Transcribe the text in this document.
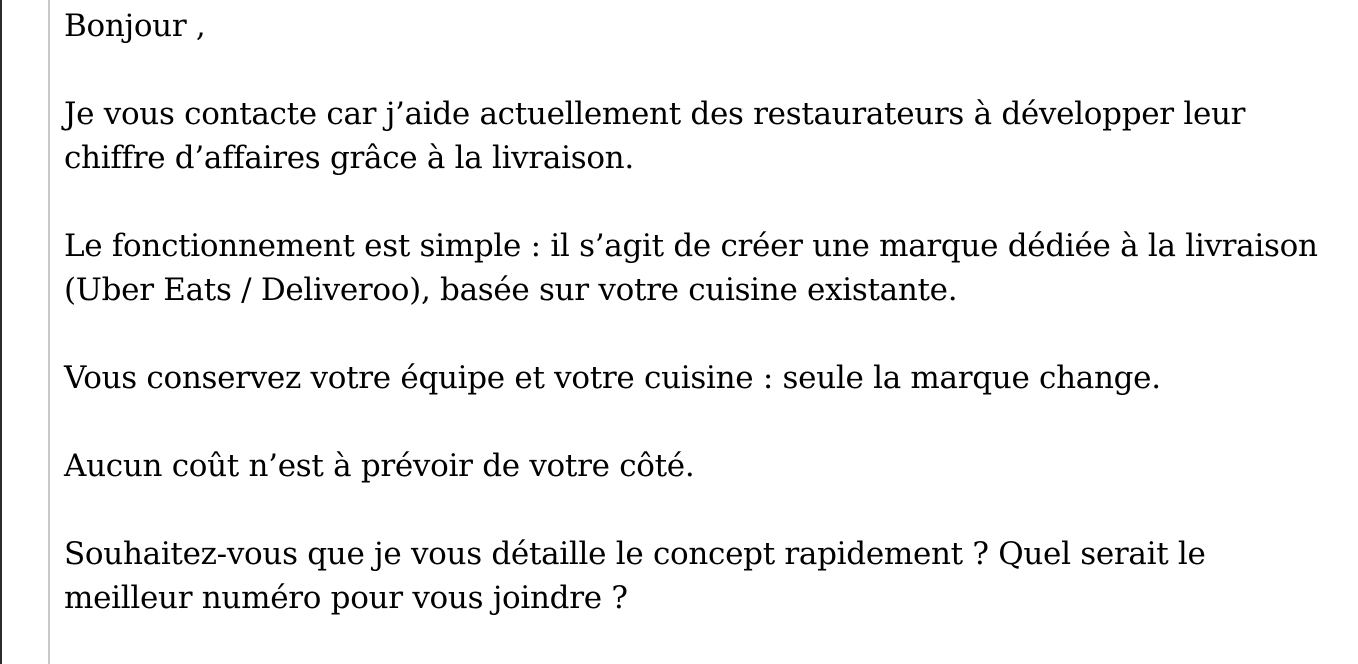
Bonjour ,

Je vous contacte car j’aide actuellement des restaurateurs à développer leur chiffre d’affaires grâce à la livraison.

Le fonctionnement est simple : il s’agit de créer une marque dédiée à la livraison (Uber Eats / Deliveroo), basée sur votre cuisine existante.

Vous conservez votre équipe et votre cuisine : seule la marque change.

Aucun coût n’est à prévoir de votre côté.

Souhaitez-vous que je vous détaille le concept rapidement ? Quel serait le meilleur numéro pour vous joindre ?
